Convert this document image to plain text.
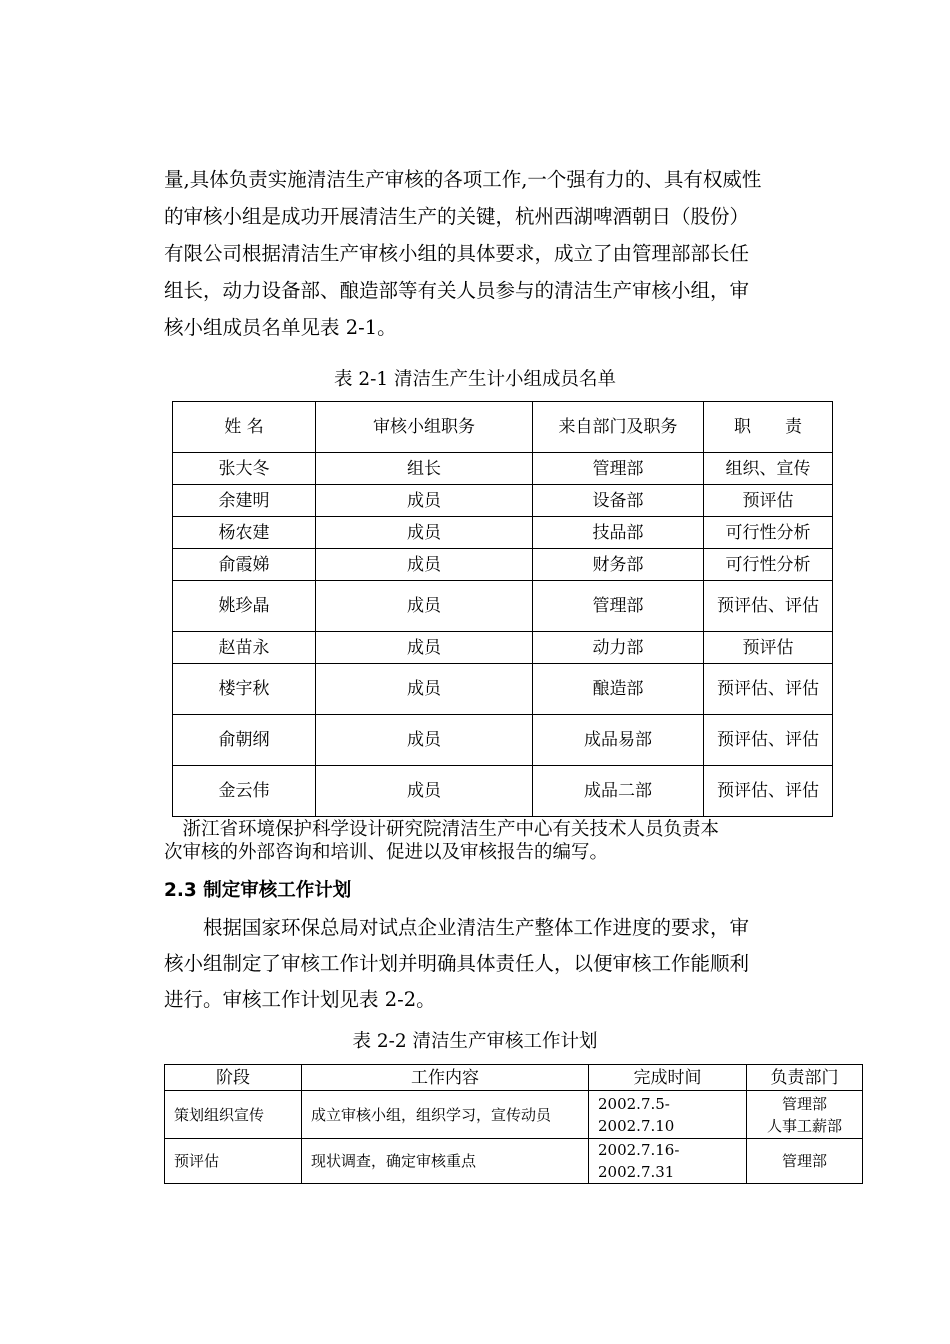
量,具体负责实施清洁生产审核的各项工作,一个强有力的、具有权威性
的审核小组是成功开展清洁生产的关键，杭州西湖啤酒朝日（股份）
有限公司根据清洁生产审核小组的具体要求，成立了由管理部部长任
组长，动力设备部、酿造部等有关人员参与的清洁生产审核小组，审
核小组成员名单见表 2-1。
表 2-1 清洁生产生计小组成员名单
姓 名	审核小组职务	来自部门及职务	职　　责
张大冬	组长	管理部	组织、宣传
余建明	成员	设备部	预评估
杨农建	成员	技品部	可行性分析
俞霞娣	成员	财务部	可行性分析
姚珍晶	成员	管理部	预评估、评估
赵苗永	成员	动力部	预评估
楼宇秋	成员	酿造部	预评估、评估
俞朝纲	成员	成品易部	预评估、评估
金云伟	成员	成品二部	预评估、评估
　浙江省环境保护科学设计研究院清洁生产中心有关技术人员负责本
次审核的外部咨询和培训、促进以及审核报告的编写。
2.3 制定审核工作计划
　　根据国家环保总局对试点企业清洁生产整体工作进度的要求，审
核小组制定了审核工作计划并明确具体责任人，以便审核工作能顺利
进行。审核工作计划见表 2-2。
表 2-2 清洁生产审核工作计划
阶段	工作内容	完成时间	负责部门
策划组织宣传	成立审核小组，组织学习，宣传动员	2002.7.5-2002.7.10	管理部
人事工薪部

预评估	现状调查，确定审核重点	2002.7.16-2002.7.31	管理部
